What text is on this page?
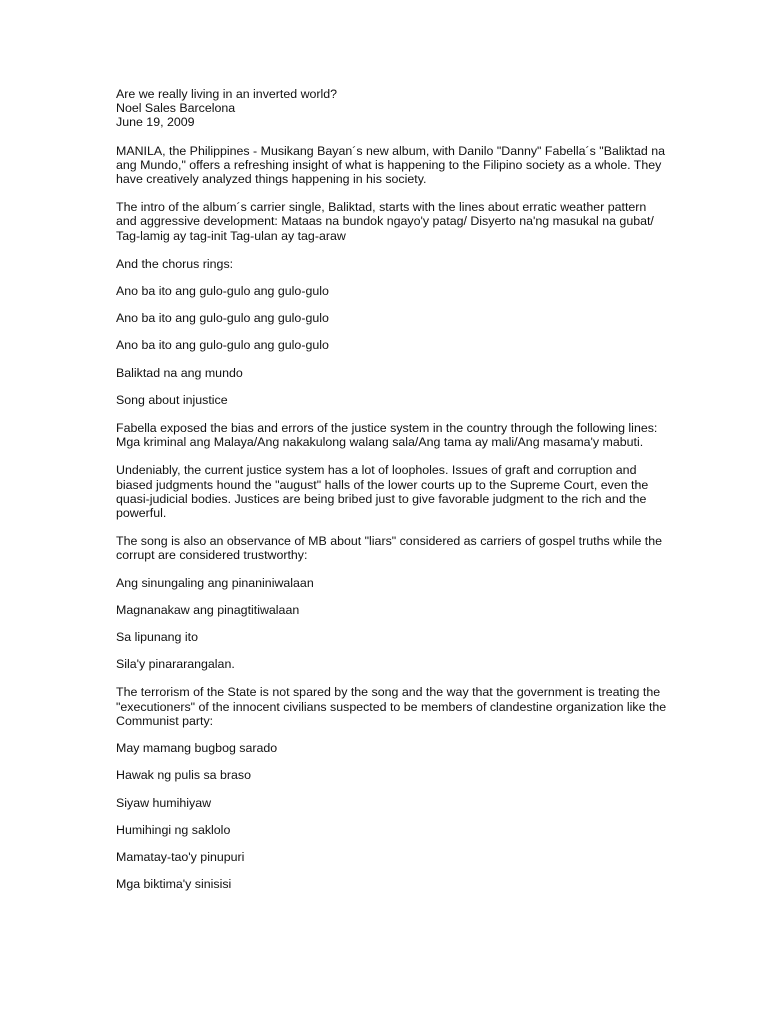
Are we really living in an inverted world?

Noel Sales Barcelona

June 19, 2009

MANILA, the Philippines - Musikang Bayan´s new album, with Danilo "Danny" Fabella´s "Baliktad na ang Mundo," offers a refreshing insight of what is happening to the Filipino society as a whole. They have creatively analyzed things happening in his society.

The intro of the album´s carrier single, Baliktad, starts with the lines about erratic weather pattern and aggressive development: Mataas na bundok ngayo'y patag/ Disyerto na'ng masukal na gubat/ Tag-lamig ay tag-init Tag-ulan ay tag-araw

And the chorus rings:

Ano ba ito ang gulo-gulo ang gulo-gulo

Ano ba ito ang gulo-gulo ang gulo-gulo

Ano ba ito ang gulo-gulo ang gulo-gulo

Baliktad na ang mundo

Song about injustice

Fabella exposed the bias and errors of the justice system in the country through the following lines: Mga kriminal ang Malaya/Ang nakakulong walang sala/Ang tama ay mali/Ang masama'y mabuti.

Undeniably, the current justice system has a lot of loopholes. Issues of graft and corruption and biased judgments hound the "august" halls of the lower courts up to the Supreme Court, even the quasi-judicial bodies. Justices are being bribed just to give favorable judgment to the rich and the powerful.

The song is also an observance of MB about "liars" considered as carriers of gospel truths while the corrupt are considered trustworthy:

Ang sinungaling ang pinaniniwalaan

Magnanakaw ang pinagtitiwalaan

Sa lipunang ito

Sila'y pinararangalan.

The terrorism of the State is not spared by the song and the way that the government is treating the "executioners" of the innocent civilians suspected to be members of clandestine organization like the Communist party:

May mamang bugbog sarado

Hawak ng pulis sa braso

Siyaw humihiyaw

Humihingi ng saklolo

Mamatay-tao'y pinupuri

Mga biktima'y sinisisi
